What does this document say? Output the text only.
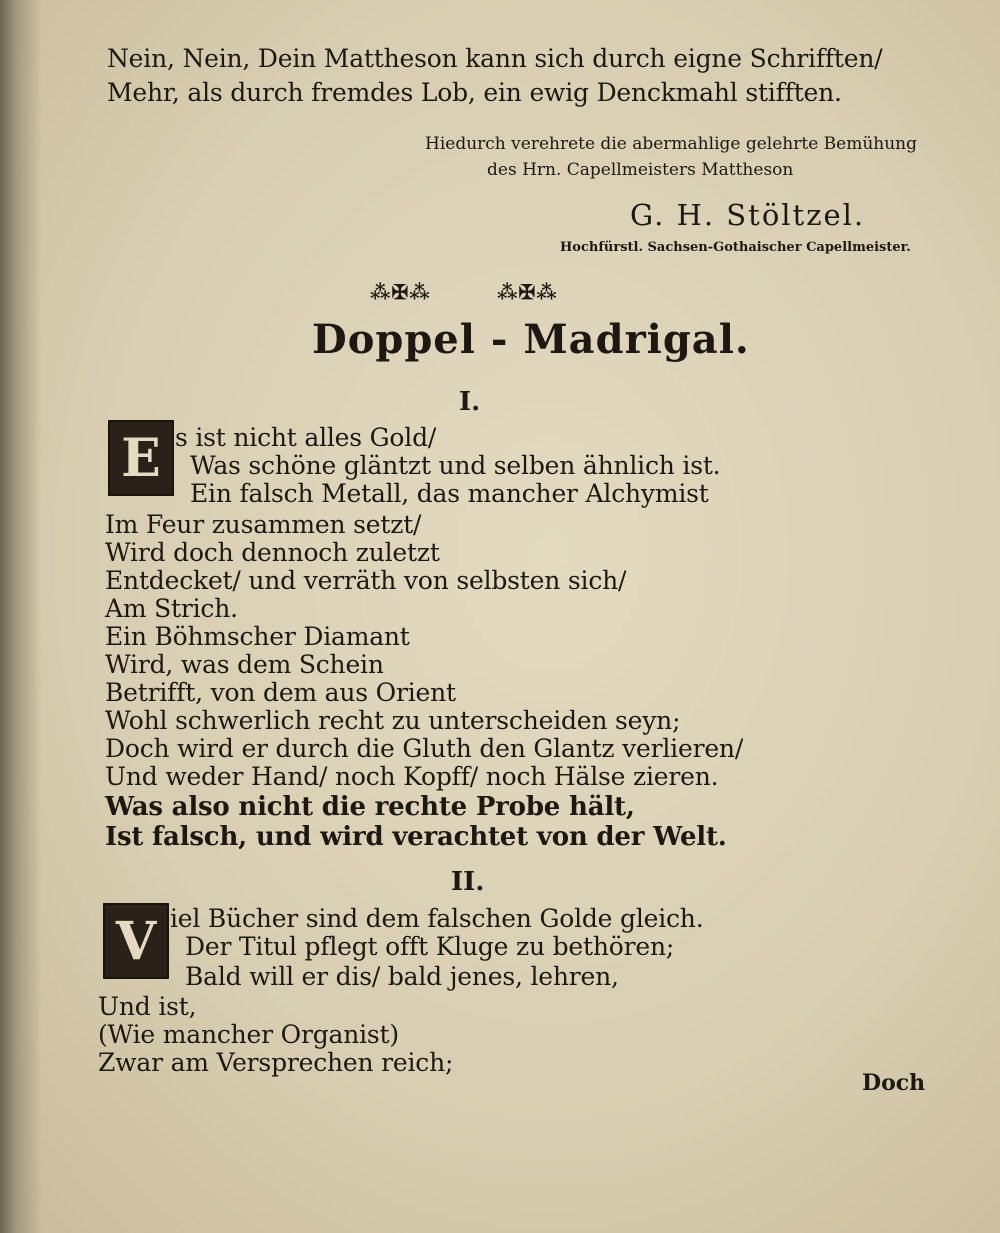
Nein, Nein, Dein Mattheson kann sich durch eigne Schrifften/
Mehr, als durch fremdes Lob, ein ewig Denckmahl stifften.
Hiedurch verehrete die abermahlige gelehrte Bemühung
des Hrn. Capellmeisters Mattheson
G. H. Stöltzel.
Hochfürstl. Sachsen-Gothaischer Capellmeister.
⁂✠⁂	⁂✠⁂
Doppel - Madrigal.
I.
E s ist nicht alles Gold/
Was schöne gläntzt und selben ähnlich ist.
Ein falsch Metall, das mancher Alchymist
Im Feur zusammen setzt/
Wird doch dennoch zuletzt
Entdecket/ und verräth von selbsten sich/
Am Strich.
Ein Böhmscher Diamant
Wird, was dem Schein
Betrifft, von dem aus Orient
Wohl schwerlich recht zu unterscheiden seyn;
Doch wird er durch die Gluth den Glantz verlieren/
Und weder Hand/ noch Kopff/ noch Hälse zieren.
Was also nicht die rechte Probe hält,
Ist falsch, und wird verachtet von der Welt.
II.
V iel Bücher sind dem falschen Golde gleich.
Der Titul pflegt offt Kluge zu bethören;
Bald will er dis/ bald jenes, lehren,
Und ist,
(Wie mancher Organist)
Zwar am Versprechen reich;
Doch
